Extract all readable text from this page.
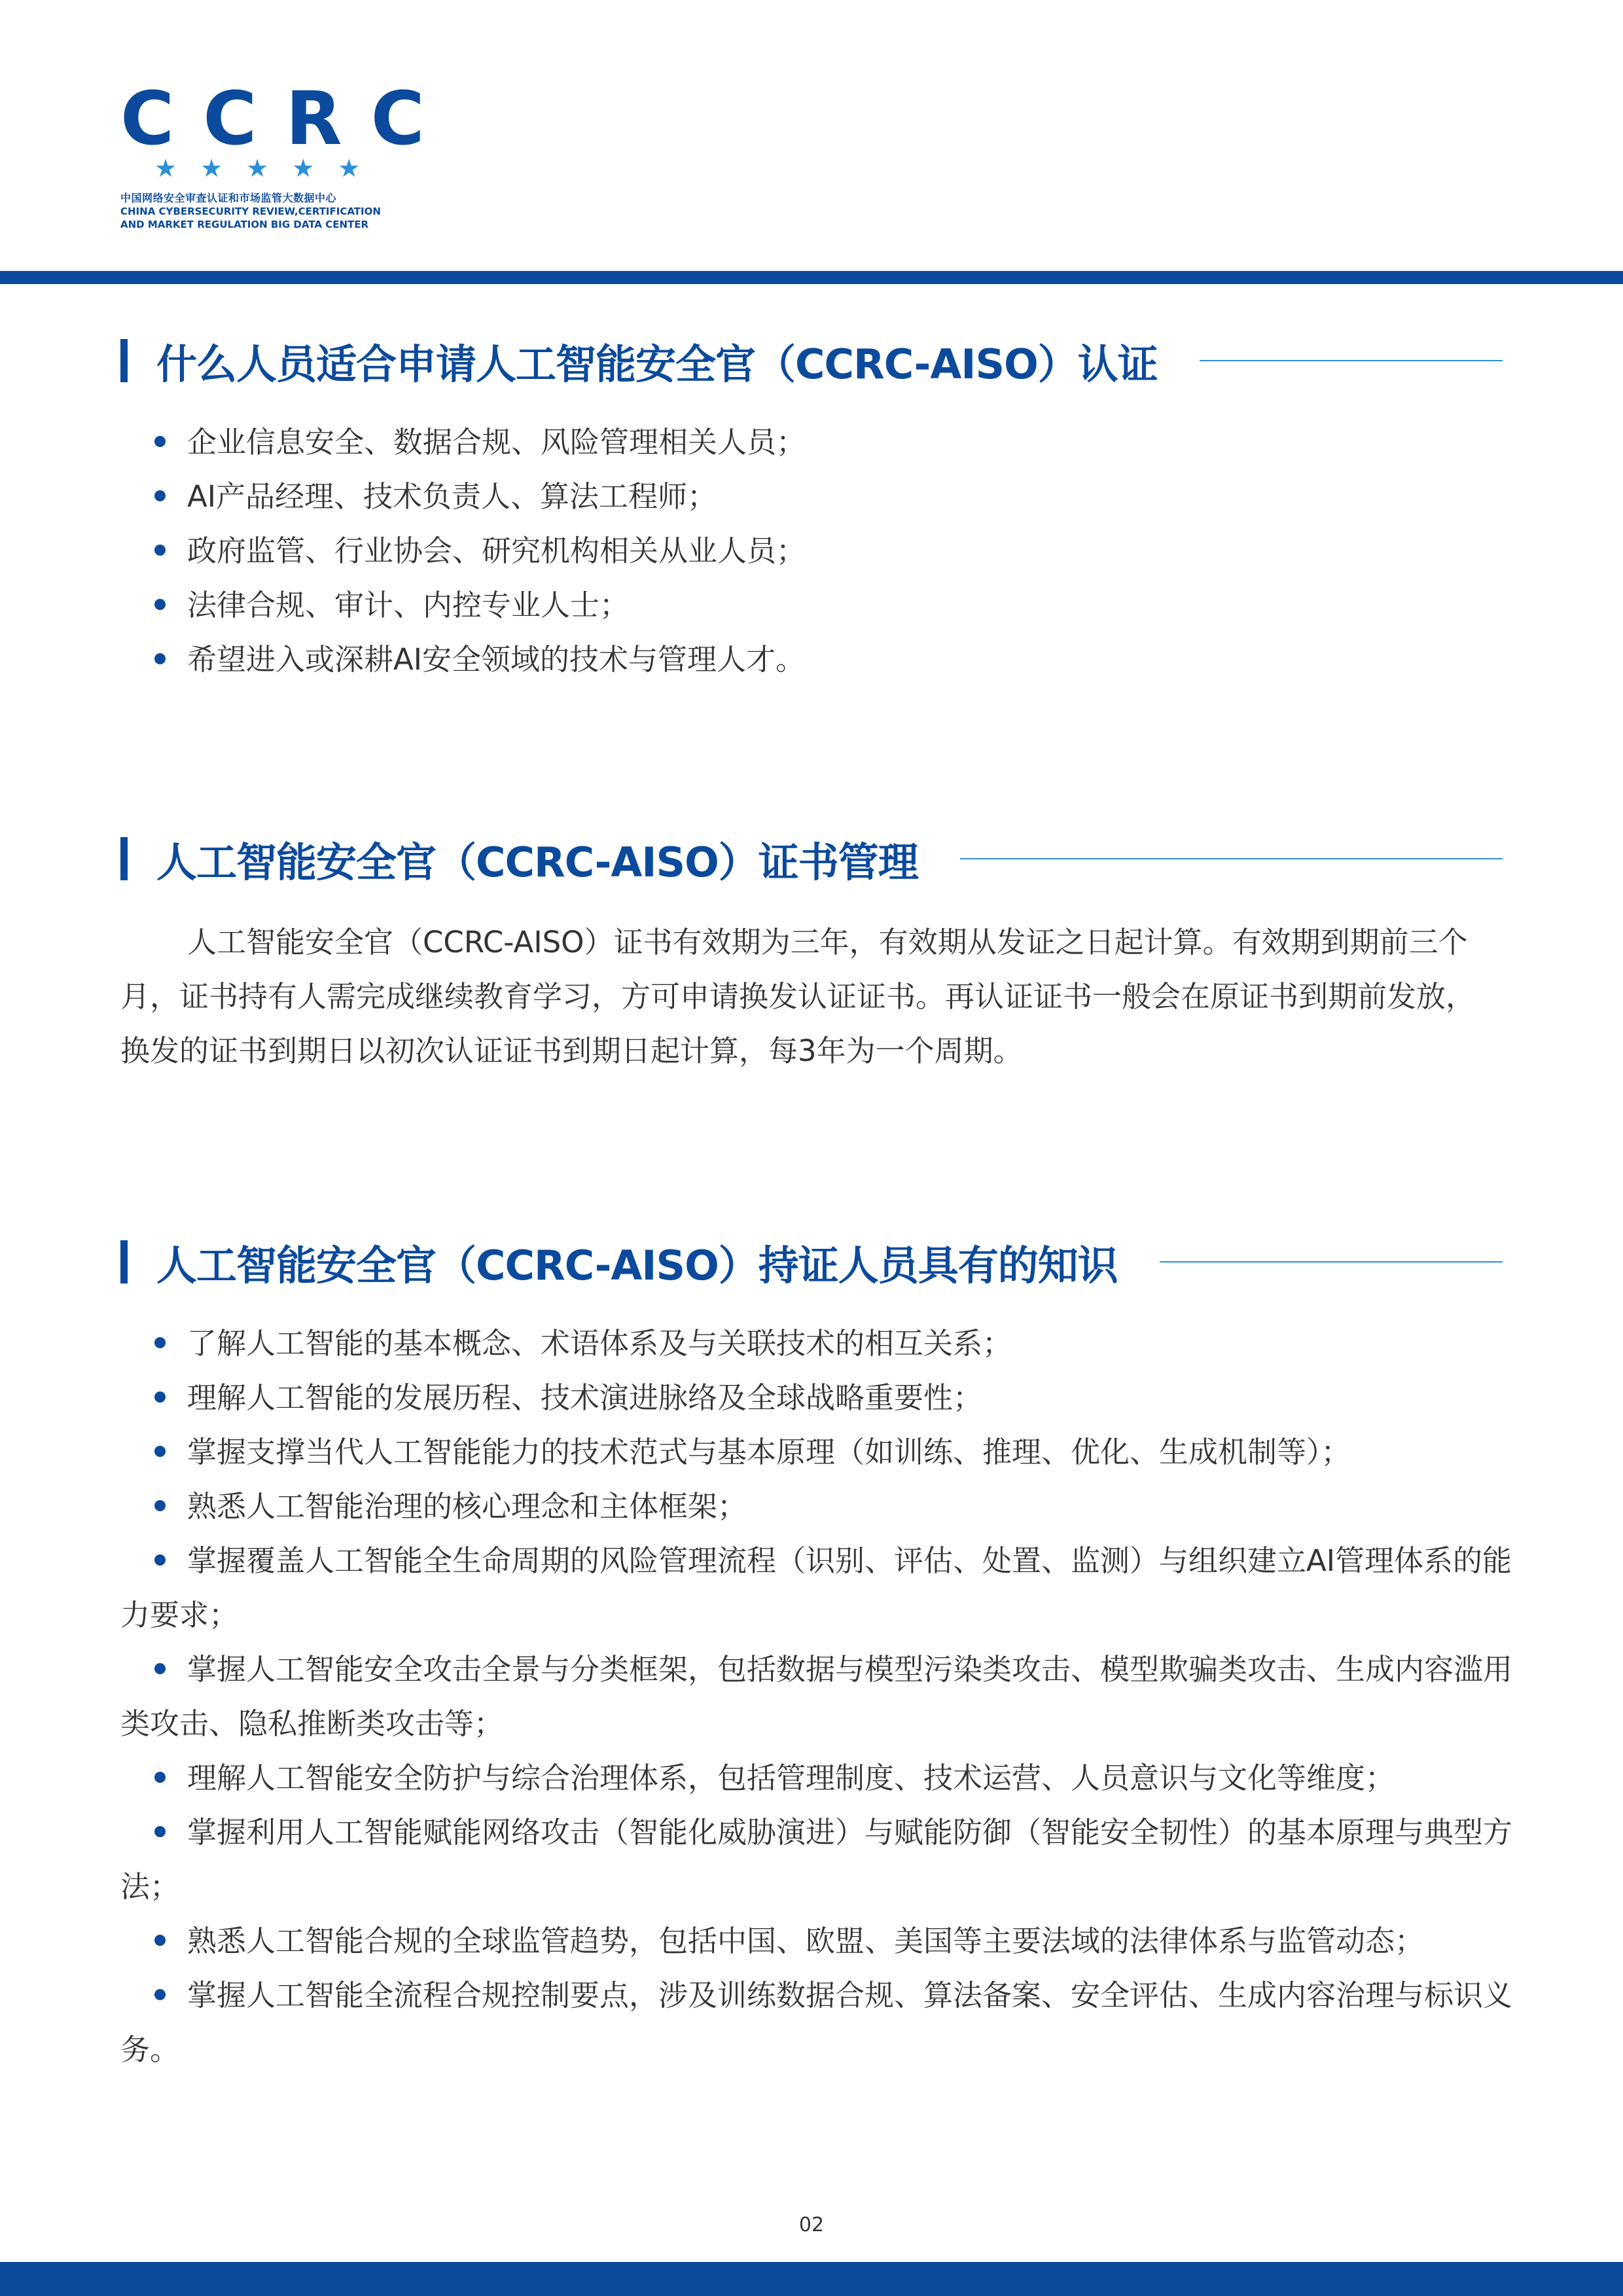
CCRC
★★★★★
中国网络安全审查认证和市场监管大数据中心
CHINA CYBERSECURITY REVIEW,CERTIFICATION
AND MARKET REGULATION BIG DATA CENTER
什么人员适合申请人工智能安全官（CCRC-AISO）认证
企业信息安全、数据合规、风险管理相关人员；
AI产品经理、技术负责人、算法工程师；
政府监管、行业协会、研究机构相关从业人员；
法律合规、审计、内控专业人士；
希望进入或深耕AI安全领域的技术与管理人才。
人工智能安全官（CCRC-AISO）证书管理

人工智能安全官（CCRC-AISO）证书有效期为三年，有效期从发证之日起计算。有效期到期前三个月，证书持有人需完成继续教育学习，方可申请换发认证证书。再认证证书一般会在原证书到期前发放，换发的证书到期日以初次认证证书到期日起计算，每3年为一个周期。

人工智能安全官（CCRC-AISO）持证人员具有的知识
了解人工智能的基本概念、术语体系及与关联技术的相互关系；
理解人工智能的发展历程、技术演进脉络及全球战略重要性；
掌握支撑当代人工智能能力的技术范式与基本原理（如训练、推理、优化、生成机制等）；
熟悉人工智能治理的核心理念和主体框架；
掌握覆盖人工智能全生命周期的风险管理流程（识别、评估、处置、监测）与组织建立AI管理体系的能力要求；
掌握人工智能安全攻击全景与分类框架，包括数据与模型污染类攻击、模型欺骗类攻击、生成内容滥用类攻击、隐私推断类攻击等；
理解人工智能安全防护与综合治理体系，包括管理制度、技术运营、人员意识与文化等维度；
掌握利用人工智能赋能网络攻击（智能化威胁演进）与赋能防御（智能安全韧性）的基本原理与典型方法；
熟悉人工智能合规的全球监管趋势，包括中国、欧盟、美国等主要法域的法律体系与监管动态；
掌握人工智能全流程合规控制要点，涉及训练数据合规、算法备案、安全评估、生成内容治理与标识义务。
02
